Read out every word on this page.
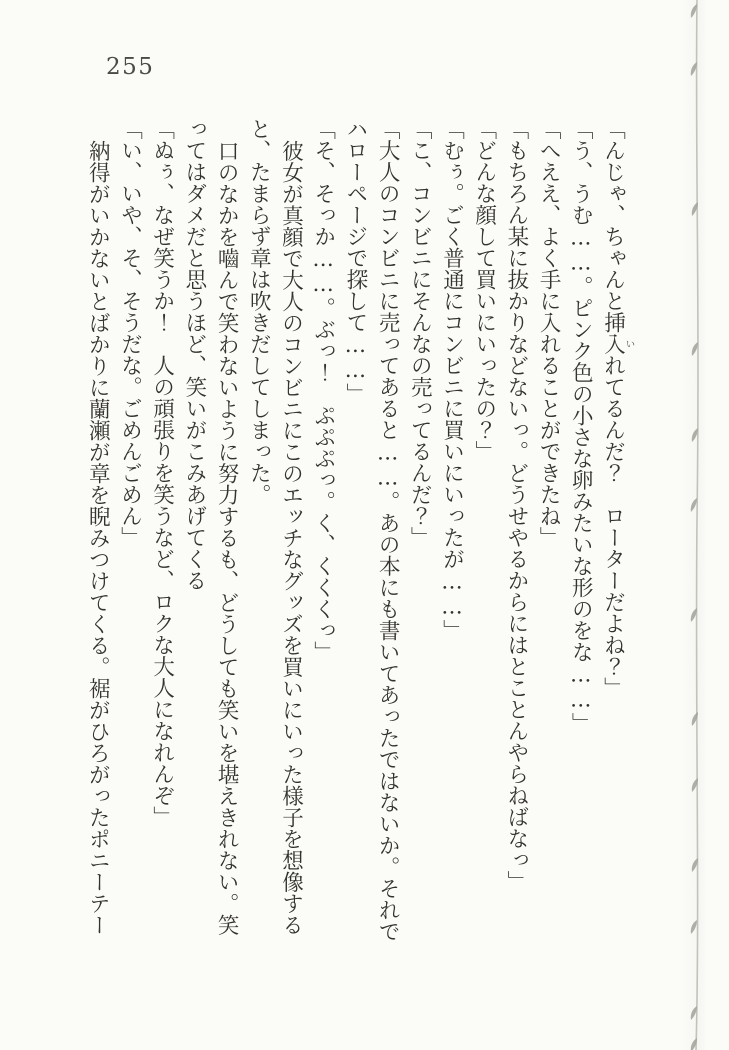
255

「んじゃ、ちゃんと挿入いれてるんだ？　ローターだよね？」

「う、うむ……。ピンク色の小さな卵みたいな形のをな……」

「へええ、よく手に入れることができたね」

「もちろん某に抜かりなどないっ。どうせやるからにはとことんやらねばなっ」

「どんな顔して買いにいったの？」

「むぅ。ごく普通にコンビニに買いにいったが……」

「こ、コンビニにそんなの売ってるんだ？」

「大人のコンビニに売ってあると……。あの本にも書いてあったではないか。それで

ハローページで探して……」

「そ、そっか……。ぶっ！　ぷぷぷっ。く、くくくっ」

彼女が真顔で大人のコンビニにこのエッチなグッズを買いにいった様子を想像する

と、たまらず章は吹きだしてしまった。

口のなかを嚙んで笑わないように努力するも、どうしても笑いを堪えきれない。笑

ってはダメだと思うほど、笑いがこみあげてくる

「ぬぅ、なぜ笑うか！　人の頑張りを笑うなど、ロクな大人になれんぞ」

「い、いや、そ、そうだな。ごめんごめん」

納得がいかないとばかりに蘭瀬が章を睨みつけてくる。裾がひろがったポニーテー
